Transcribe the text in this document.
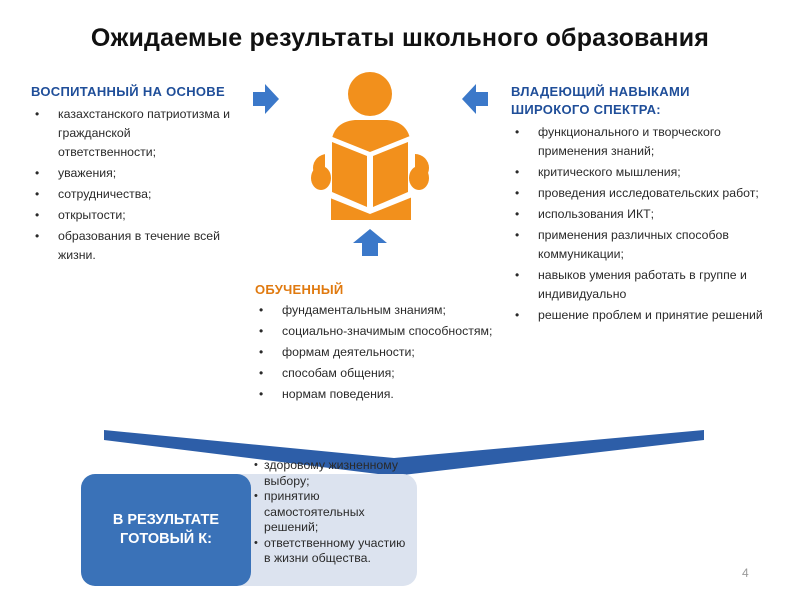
Ожидаемые результаты школьного образования
ВОСПИТАННЫЙ НА ОСНОВЕ
• казахстанского патриотизма и гражданской ответственности;
• уважения;
• сотрудничества;
• открытости;
• образования в течение всей жизни.
ВЛАДЕЮЩИЙ НАВЫКАМИ ШИРОКОГО СПЕКТРА:
• функционального и творческого применения знаний;
• критического мышления;
• проведения исследовательских работ;
• использования ИКТ;
• применения различных способов коммуникации;
• навыков умения работать в группе и индивидуально
• решение проблем и принятие решений
ОБУЧЕННЫЙ
• фундаментальным знаниям;
• социально-значимым способностям;
• формам деятельности;
• способам общения;
• нормам поведения.
• здоровому жизненному выбору;
• принятию самостоятельных решений;
• ответственному участию в жизни общества.
В РЕЗУЛЬТАТЕ ГОТОВЫЙ К:
4
